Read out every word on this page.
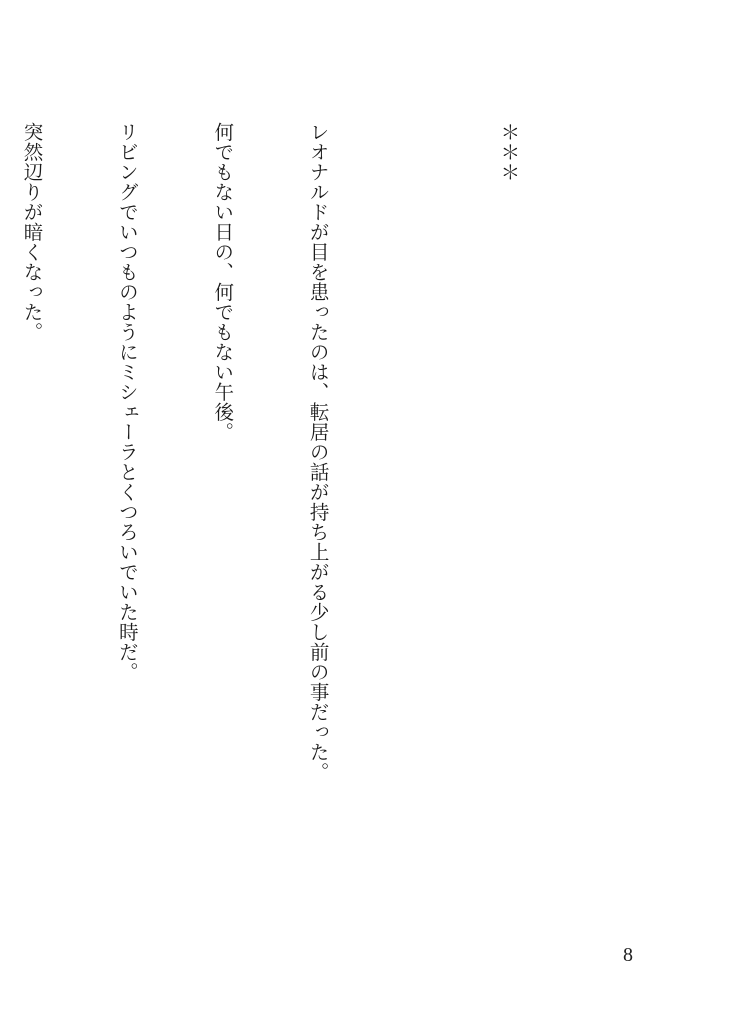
＊＊＊

レオナルドが目を患ったのは、転居の話が持ち上がる少し前の事だった。

何でもない日の、何でもない午後。

リビングでいつものようにミシェーラとくつろいでいた時だ。

突然辺りが暗くなった。

8
